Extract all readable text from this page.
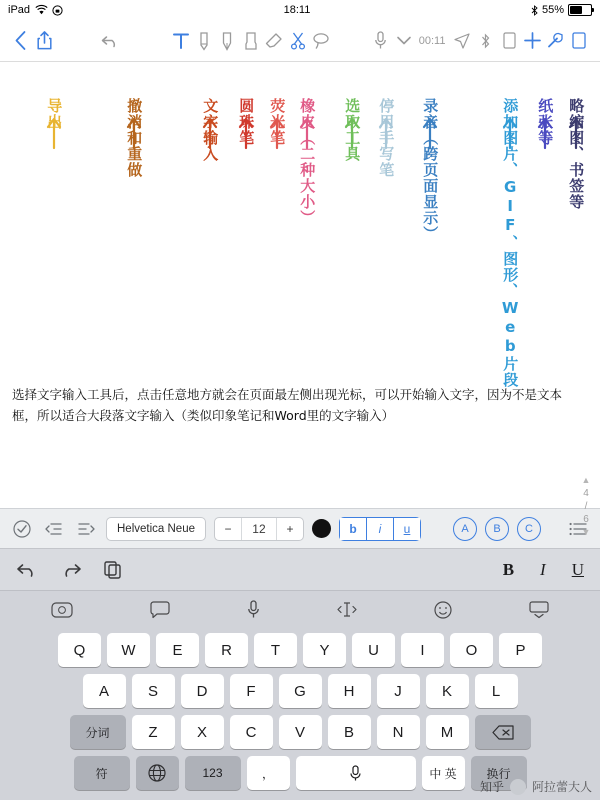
iPad	18:11	55%
00:11
导出	撤消和重做	文字输入 圆珠笔 荧光笔 橡皮（二种大小） 选取工具 停用手写笔 录音（跨页面显示）	添加图片、GIF、图形、Web片段 纸张等 略缩图、书签等
选择文字输入工具后，点击任意地方就会在页面最左侧出现光标，可以开始输入文字，因为不是文本框，所以适合大段落文字输入（类似印象笔记和Word里的文字输入）
▲
4
/
6
▼
Helvetica Neue	−	12	+	b	i	u	A	B	C
B I U
Q	W	E	R	T	Y	U	I	O	P
A	S	D	F	G	H	J	K	L
分词	Z	X	C	V	B	N	M
符	123	，	中 英	换行
知乎 阿拉蕾大人
